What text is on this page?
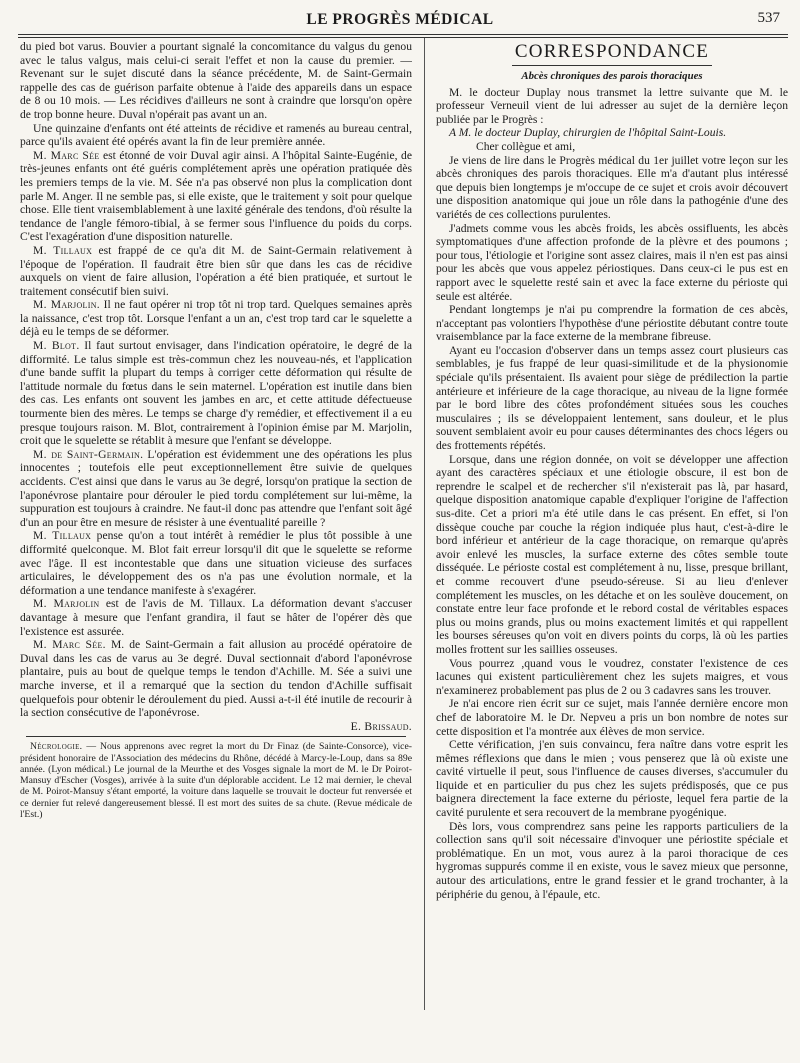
LE PROGRÈS MÉDICAL	537

du pied bot varus. Bouvier a pourtant signalé la concomitance du valgus du genou avec le talus valgus, mais celui-ci serait l'effet et non la cause du premier. — Revenant sur le sujet discuté dans la séance précédente, M. de Saint-Germain rappelle des cas de guérison parfaite obtenue à l'aide des appareils dans un espace de 8 ou 10 mois. — Les récidives d'ailleurs ne sont à craindre que lorsqu'on opère de trop bonne heure. Duval n'opérait pas avant un an.

Une quinzaine d'enfants ont été atteints de récidive et ramenés au bureau central, parce qu'ils avaient été opérés avant la fin de leur première année.

M. Marc Sée est étonné de voir Duval agir ainsi. A l'hôpital Sainte-Eugénie, de très-jeunes enfants ont été guéris complétement après une opération pratiquée dès les premiers temps de la vie. M. Sée n'a pas observé non plus la complication dont parle M. Anger. Il ne semble pas, si elle existe, que le traitement y soit pour quelque chose. Elle tient vraisemblablement à une laxité générale des tendons, d'où résulte la tendance de l'angle fémoro-tibial, à se fermer sous l'influence du poids du corps. C'est l'exagération d'une disposition naturelle.

M. Tillaux est frappé de ce qu'a dit M. de Saint-Germain relativement à l'époque de l'opération. Il faudrait être bien sûr que dans les cas de récidive auxquels on vient de faire allusion, l'opération a été bien pratiquée, et surtout le traitement consécutif bien suivi.

M. Marjolin. Il ne faut opérer ni trop tôt ni trop tard. Quelques semaines après la naissance, c'est trop tôt. Lorsque l'enfant a un an, c'est trop tard car le squelette a déjà eu le temps de se déformer.

M. Blot. Il faut surtout envisager, dans l'indication opératoire, le degré de la difformité. Le talus simple est très-commun chez les nouveau-nés, et l'application d'une bande suffit la plupart du temps à corriger cette déformation qui résulte de l'attitude normale du fœtus dans le sein maternel. L'opération est inutile dans bien des cas. Les enfants ont souvent les jambes en arc, et cette attitude défectueuse tourmente bien des mères. Le temps se charge d'y remédier, et effectivement il a eu presque toujours raison. M. Blot, contrairement à l'opinion émise par M. Marjolin, croit que le squelette se rétablit à mesure que l'enfant se développe.

M. de Saint-Germain. L'opération est évidemment une des opérations les plus innocentes ; toutefois elle peut exceptionnellement être suivie de quelques accidents. C'est ainsi que dans le varus au 3e degré, lorsqu'on pratique la section de l'aponévrose plantaire pour dérouler le pied tordu complétement sur lui-même, la suppuration est toujours à craindre. Ne faut-il donc pas attendre que l'enfant soit âgé d'un an pour être en mesure de résister à une éventualité pareille ?

M. Tillaux pense qu'on a tout intérêt à remédier le plus tôt possible à une difformité quelconque. M. Blot fait erreur lorsqu'il dit que le squelette se reforme avec l'âge. Il est incontestable que dans une situation vicieuse des surfaces articulaires, le développement des os n'a pas une évolution normale, et la déformation a une tendance manifeste à s'exagérer.

M. Marjolin est de l'avis de M. Tillaux. La déformation devant s'accuser davantage à mesure que l'enfant grandira, il faut se hâter de l'opérer dès que l'existence est assurée.

M. Marc Sée. M. de Saint-Germain a fait allusion au procédé opératoire de Duval dans les cas de varus au 3e degré. Duval sectionnait d'abord l'aponévrose plantaire, puis au bout de quelque temps le tendon d'Achille. M. Sée a suivi une marche inverse, et il a remarqué que la section du tendon d'Achille suffisait quelquefois pour obtenir le déroulement du pied. Aussi a-t-il été inutile de recourir à la section consécutive de l'aponévrose.

E. Brissaud.

Nécrologie. — Nous apprenons avec regret la mort du Dr Finaz (de Sainte-Consorce), vice-président honoraire de l'Association des médecins du Rhône, décédé à Marcy-le-Loup, dans sa 89e année. (Lyon médical.) Le journal de la Meurthe et des Vosges signale la mort de M. le Dr Poirot-Mansuy d'Escher (Vosges), arrivée à la suite d'un déplorable accident. Le 12 mai dernier, le cheval de M. Poirot-Mansuy s'étant emporté, la voiture dans laquelle se trouvait le docteur fut renversée et ce dernier fut relevé dangereusement blessé. Il est mort des suites de sa chute. (Revue médicale de l'Est.)

CORRESPONDANCE
Abcès chroniques des parois thoraciques

M. le docteur Duplay nous transmet la lettre suivante que M. le professeur Verneuil vient de lui adresser au sujet de la dernière leçon publiée par le Progrès :

A M. le docteur Duplay, chirurgien de l'hôpital Saint-Louis.

Cher collègue et ami,

Je viens de lire dans le Progrès médical du 1er juillet votre leçon sur les abcès chroniques des parois thoraciques. Elle m'a d'autant plus intéressé que depuis bien longtemps je m'occupe de ce sujet et crois avoir découvert une disposition anatomique qui joue un rôle dans la pathogénie d'une des variétés de ces collections purulentes.

J'admets comme vous les abcès froids, les abcès ossifluents, les abcès symptomatiques d'une affection profonde de la plèvre et des poumons ; pour tous, l'étiologie et l'origine sont assez claires, mais il n'en est pas ainsi pour les abcès que vous appelez périostiques. Dans ceux-ci le pus est en rapport avec le squelette resté sain et avec la face externe du périoste qui seule est altérée.

Pendant longtemps je n'ai pu comprendre la formation de ces abcès, n'acceptant pas volontiers l'hypothèse d'une périostite débutant contre toute vraisemblance par la face externe de la membrane fibreuse.

Ayant eu l'occasion d'observer dans un temps assez court plusieurs cas semblables, je fus frappé de leur quasi-similitude et de la physionomie spéciale qu'ils présentaient. Ils avaient pour siège de prédilection la partie antérieure et inférieure de la cage thoracique, au niveau de la ligne formée par le bord libre des côtes profondément situées sous les couches musculaires ; ils se développaient lentement, sans douleur, et le plus souvent semblaient avoir eu pour causes déterminantes des chocs légers ou des frottements répétés.

Lorsque, dans une région donnée, on voit se développer une affection ayant des caractères spéciaux et une étiologie obscure, il est bon de reprendre le scalpel et de rechercher s'il n'existerait pas là, par hasard, quelque disposition anatomique capable d'expliquer l'origine de l'affection sus-dite. Cet a priori m'a été utile dans le cas présent. En effet, si l'on dissèque couche par couche la région indiquée plus haut, c'est-à-dire le bord inférieur et antérieur de la cage thoracique, on remarque qu'après avoir enlevé les muscles, la surface externe des côtes semble toute disséquée. Le périoste costal est complétement à nu, lisse, presque brillant, et comme recouvert d'une pseudo-séreuse. Si au lieu d'enlever complétement les muscles, on les détache et on les soulève doucement, on constate entre leur face profonde et le rebord costal de véritables espaces plus ou moins grands, plus ou moins exactement limités et qui rappellent les bourses séreuses qu'on voit en divers points du corps, là où les parties molles frottent sur les saillies osseuses.

Vous pourrez ,quand vous le voudrez, constater l'existence de ces lacunes qui existent particulièrement chez les sujets maigres, et vous n'examinerez probablement pas plus de 2 ou 3 cadavres sans les trouver.

Je n'ai encore rien écrit sur ce sujet, mais l'année dernière encore mon chef de laboratoire M. le Dr. Nepveu a pris un bon nombre de notes sur cette disposition et l'a montrée aux élèves de mon service.

Cette vérification, j'en suis convaincu, fera naître dans votre esprit les mêmes réflexions que dans le mien ; vous penserez que là où existe une cavité virtuelle il peut, sous l'influence de causes diverses, s'accumuler du liquide et en particulier du pus chez les sujets prédisposés, que ce pus baignera directement la face externe du périoste, lequel fera partie de la cavité purulente et sera recouvert de la membrane pyogénique.

Dès lors, vous comprendrez sans peine les rapports particuliers de la collection sans qu'il soit nécessaire d'invoquer une périostite spéciale et problématique. En un mot, vous aurez à la paroi thoracique de ces hygromas suppurés comme il en existe, vous le savez mieux que personne, autour des articulations, entre le grand fessier et le grand trochanter, à la périphérie du genou, à l'épaule, etc.
